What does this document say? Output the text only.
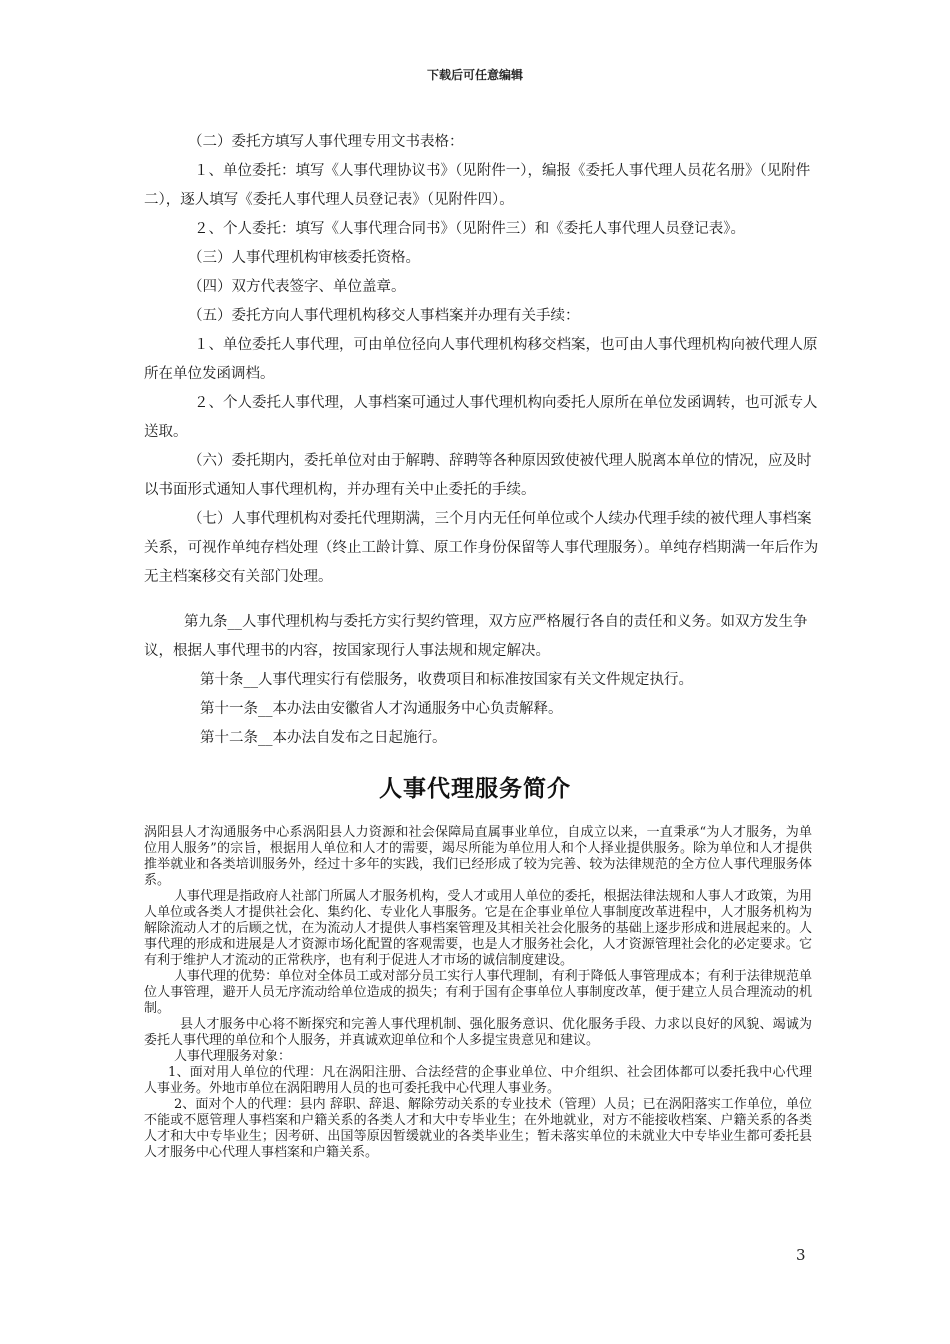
下载后可任意编辑

（二）委托方填写人事代理专用文书表格：

１、单位委托：填写《人事代理协议书》（见附件一），编报《委托人事代理人员花名册》（见附件二），逐人填写《委托人事代理人员登记表》（见附件四）。

２、个人委托：填写《人事代理合同书》（见附件三）和《委托人事代理人员登记表》。

（三）人事代理机构审核委托资格。

（四）双方代表签字、单位盖章。

（五）委托方向人事代理机构移交人事档案并办理有关手续：

１、单位委托人事代理，可由单位径向人事代理机构移交档案，也可由人事代理机构向被代理人原所在单位发函调档。

２、个人委托人事代理，人事档案可通过人事代理机构向委托人原所在单位发函调转，也可派专人送取。

（六）委托期内，委托单位对由于解聘、辞聘等各种原因致使被代理人脱离本单位的情况，应及时以书面形式通知人事代理机构，并办理有关中止委托的手续。

（七）人事代理机构对委托代理期满，三个月内无任何单位或个人续办代理手续的被代理人事档案关系，可视作单纯存档处理（终止工龄计算、原工作身份保留等人事代理服务）。单纯存档期满一年后作为无主档案移交有关部门处理。

第九条__人事代理机构与委托方实行契约管理，双方应严格履行各自的责任和义务。如双方发生争议，根据人事代理书的内容，按国家现行人事法规和规定解决。

第十条__人事代理实行有偿服务，收费项目和标准按国家有关文件规定执行。

第十一条__本办法由安徽省人才沟通服务中心负责解释。

第十二条__本办法自发布之日起施行。

人事代理服务简介

涡阳县人才沟通服务中心系涡阳县人力资源和社会保障局直属事业单位，自成立以来，一直秉承“为人才服务，为单位用人服务”的宗旨，根据用人单位和人才的需要，竭尽所能为单位用人和个人择业提供服务。除为单位和人才提供推举就业和各类培训服务外，经过十多年的实践，我们已经形成了较为完善、较为法律规范的全方位人事代理服务体系。

人事代理是指政府人社部门所属人才服务机构，受人才或用人单位的委托，根据法律法规和人事人才政策，为用人单位或各类人才提供社会化、集约化、专业化人事服务。它是在企事业单位人事制度改革进程中，人才服务机构为解除流动人才的后顾之忧，在为流动人才提供人事档案管理及其相关社会化服务的基础上逐步形成和进展起来的。人事代理的形成和进展是人才资源市场化配置的客观需要，也是人才服务社会化，人才资源管理社会化的必定要求。它有利于维护人才流动的正常秩序，也有利于促进人才市场的诚信制度建设。

人事代理的优势：单位对全体员工或对部分员工实行人事代理制，有利于降低人事管理成本；有利于法律规范单位人事管理，避开人员无序流动给单位造成的损失；有利于国有企事单位人事制度改革，便于建立人员合理流动的机制。

县人才服务中心将不断探究和完善人事代理机制、强化服务意识、优化服务手段、力求以良好的风貌、竭诚为委托人事代理的单位和个人服务，并真诚欢迎单位和个人多提宝贵意见和建议。

人事代理服务对象：

1、面对用人单位的代理：凡在涡阳注册、合法经营的企事业单位、中介组织、社会团体都可以委托我中心代理人事业务。外地市单位在涡阳聘用人员的也可委托我中心代理人事业务。

2、面对个人的代理：县内 辞职、辞退、解除劳动关系的专业技术（管理）人员；已在涡阳落实工作单位，单位不能或不愿管理人事档案和户籍关系的各类人才和大中专毕业生；在外地就业，对方不能接收档案、户籍关系的各类人才和大中专毕业生；因考研、出国等原因暂缓就业的各类毕业生；暂未落实单位的未就业大中专毕业生都可委托县人才服务中心代理人事档案和户籍关系。

3
